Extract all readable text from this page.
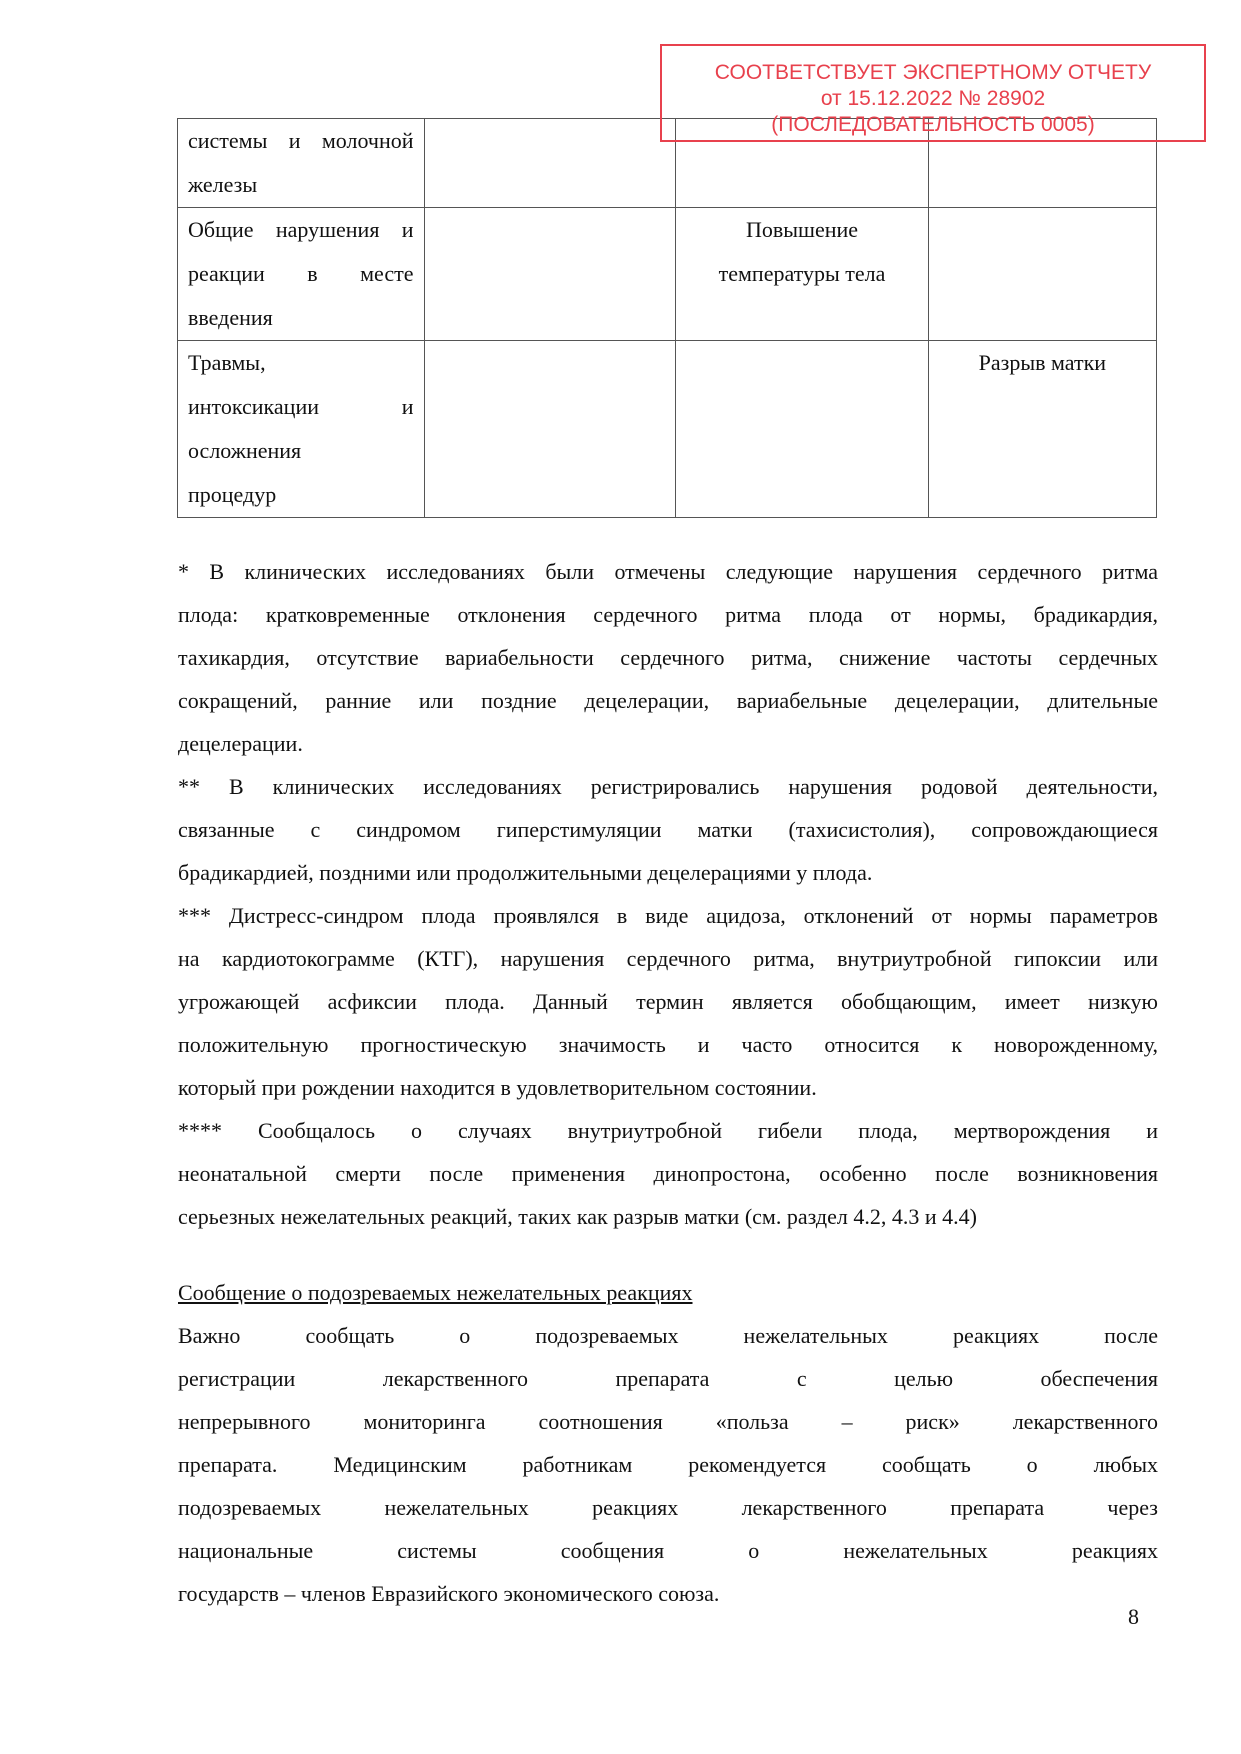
СООТВЕТСТВУЕТ ЭКСПЕРТНОМУ ОТЧЕТУ
от 15.12.2022 № 28902
(ПОСЛЕДОВАТЕЛЬНОСТЬ 0005)
системы и молочной
железы			

Общие нарушения и
реакции в месте
введения		Повышение
температуры тела	

Травмы,
интоксикации и
осложнения
процедур			Разрыв матки
* В клинических исследованиях были отмечены следующие нарушения сердечного ритма
плода: кратковременные отклонения сердечного ритма плода от нормы, брадикардия,
тахикардия, отсутствие вариабельности сердечного ритма, снижение частоты сердечных
сокращений, ранние или поздние децелерации, вариабельные децелерации, длительные
децелерации.
** В клинических исследованиях регистрировались нарушения родовой деятельности,
связанные с синдромом гиперстимуляции матки (тахисистолия), сопровождающиеся
брадикардией, поздними или продолжительными децелерациями у плода.
*** Дистресс-синдром плода проявлялся в виде ацидоза, отклонений от нормы параметров
на кардиотокограмме (КТГ), нарушения сердечного ритма, внутриутробной гипоксии или
угрожающей асфиксии плода. Данный термин является обобщающим, имеет низкую
положительную прогностическую значимость и часто относится к новорожденному,
который при рождении находится в удовлетворительном состоянии.
**** Сообщалось о случаях внутриутробной гибели плода, мертворождения и
неонатальной смерти после применения динопростона, особенно после возникновения
серьезных нежелательных реакций, таких как разрыв матки (см. раздел 4.2, 4.3 и 4.4)
Сообщение о подозреваемых нежелательных реакциях
Важно сообщать о подозреваемых нежелательных реакциях после
регистрации лекарственного препарата с целью обеспечения
непрерывного мониторинга соотношения «польза – риск» лекарственного
препарата. Медицинским работникам рекомендуется сообщать о любых
подозреваемых нежелательных реакциях лекарственного препарата через
национальные системы сообщения о нежелательных реакциях
государств – членов Евразийского экономического союза.
8
